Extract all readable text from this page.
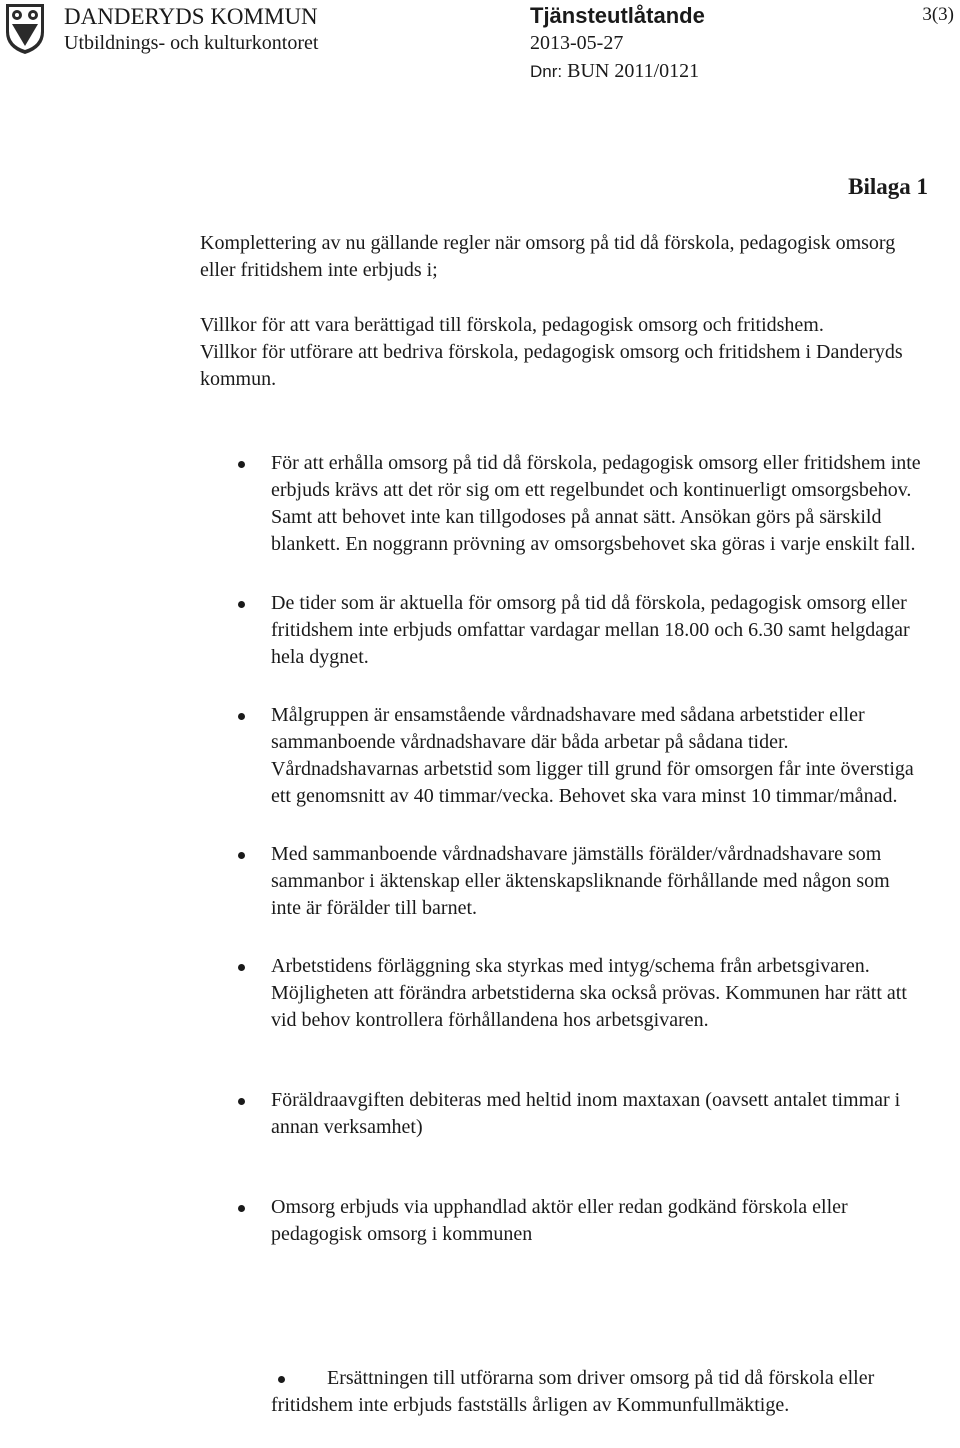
DANDERYDS KOMMUN
Utbildnings- och kulturkontoret
Tjänsteutlåtande
2013-05-27
Dnr: BUN 2011/0121
3(3)
Bilaga 1

Komplettering av nu gällande regler när omsorg på tid då förskola, pedagogisk omsorg eller fritidshem inte erbjuds i;

Villkor för att vara berättigad till förskola, pedagogisk omsorg och fritidshem.
Villkor för utförare att bedriva förskola, pedagogisk omsorg och fritidshem i Danderyds kommun.
För att erhålla omsorg på tid då förskola, pedagogisk omsorg eller fritidshem inte erbjuds krävs att det rör sig om ett regelbundet och kontinuerligt omsorgsbehov. Samt att behovet inte kan tillgodoses på annat sätt. Ansökan görs på särskild blankett. En noggrann prövning av omsorgsbehovet ska göras i varje enskilt fall.
De tider som är aktuella för omsorg på tid då förskola, pedagogisk omsorg eller fritidshem inte erbjuds omfattar vardagar mellan 18.00 och 6.30 samt helgdagar hela dygnet.
Målgruppen är ensamstående vårdnadshavare med sådana arbetstider eller sammanboende vårdnadshavare där båda arbetar på sådana tider. Vårdnadshavarnas arbetstid som ligger till grund för omsorgen får inte överstiga ett genomsnitt av 40 timmar/vecka. Behovet ska vara minst 10 timmar/månad.
Med sammanboende vårdnadshavare jämställs förälder/vårdnadshavare som sammanbor i äktenskap eller äktenskapsliknande förhållande med någon som inte är förälder till barnet.
Arbetstidens förläggning ska styrkas med intyg/schema från arbetsgivaren. Möjligheten att förändra arbetstiderna ska också prövas. Kommunen har rätt att vid behov kontrollera förhållandena hos arbetsgivaren.
Föräldraavgiften debiteras med heltid inom maxtaxan (oavsett antalet timmar i annan verksamhet)
Omsorg erbjuds via upphandlad aktör eller redan godkänd förskola eller pedagogisk omsorg i kommunen
Ersättningen till utförarna som driver omsorg på tid då förskola eller fritidshem inte erbjuds fastställs årligen av Kommunfullmäktige.
